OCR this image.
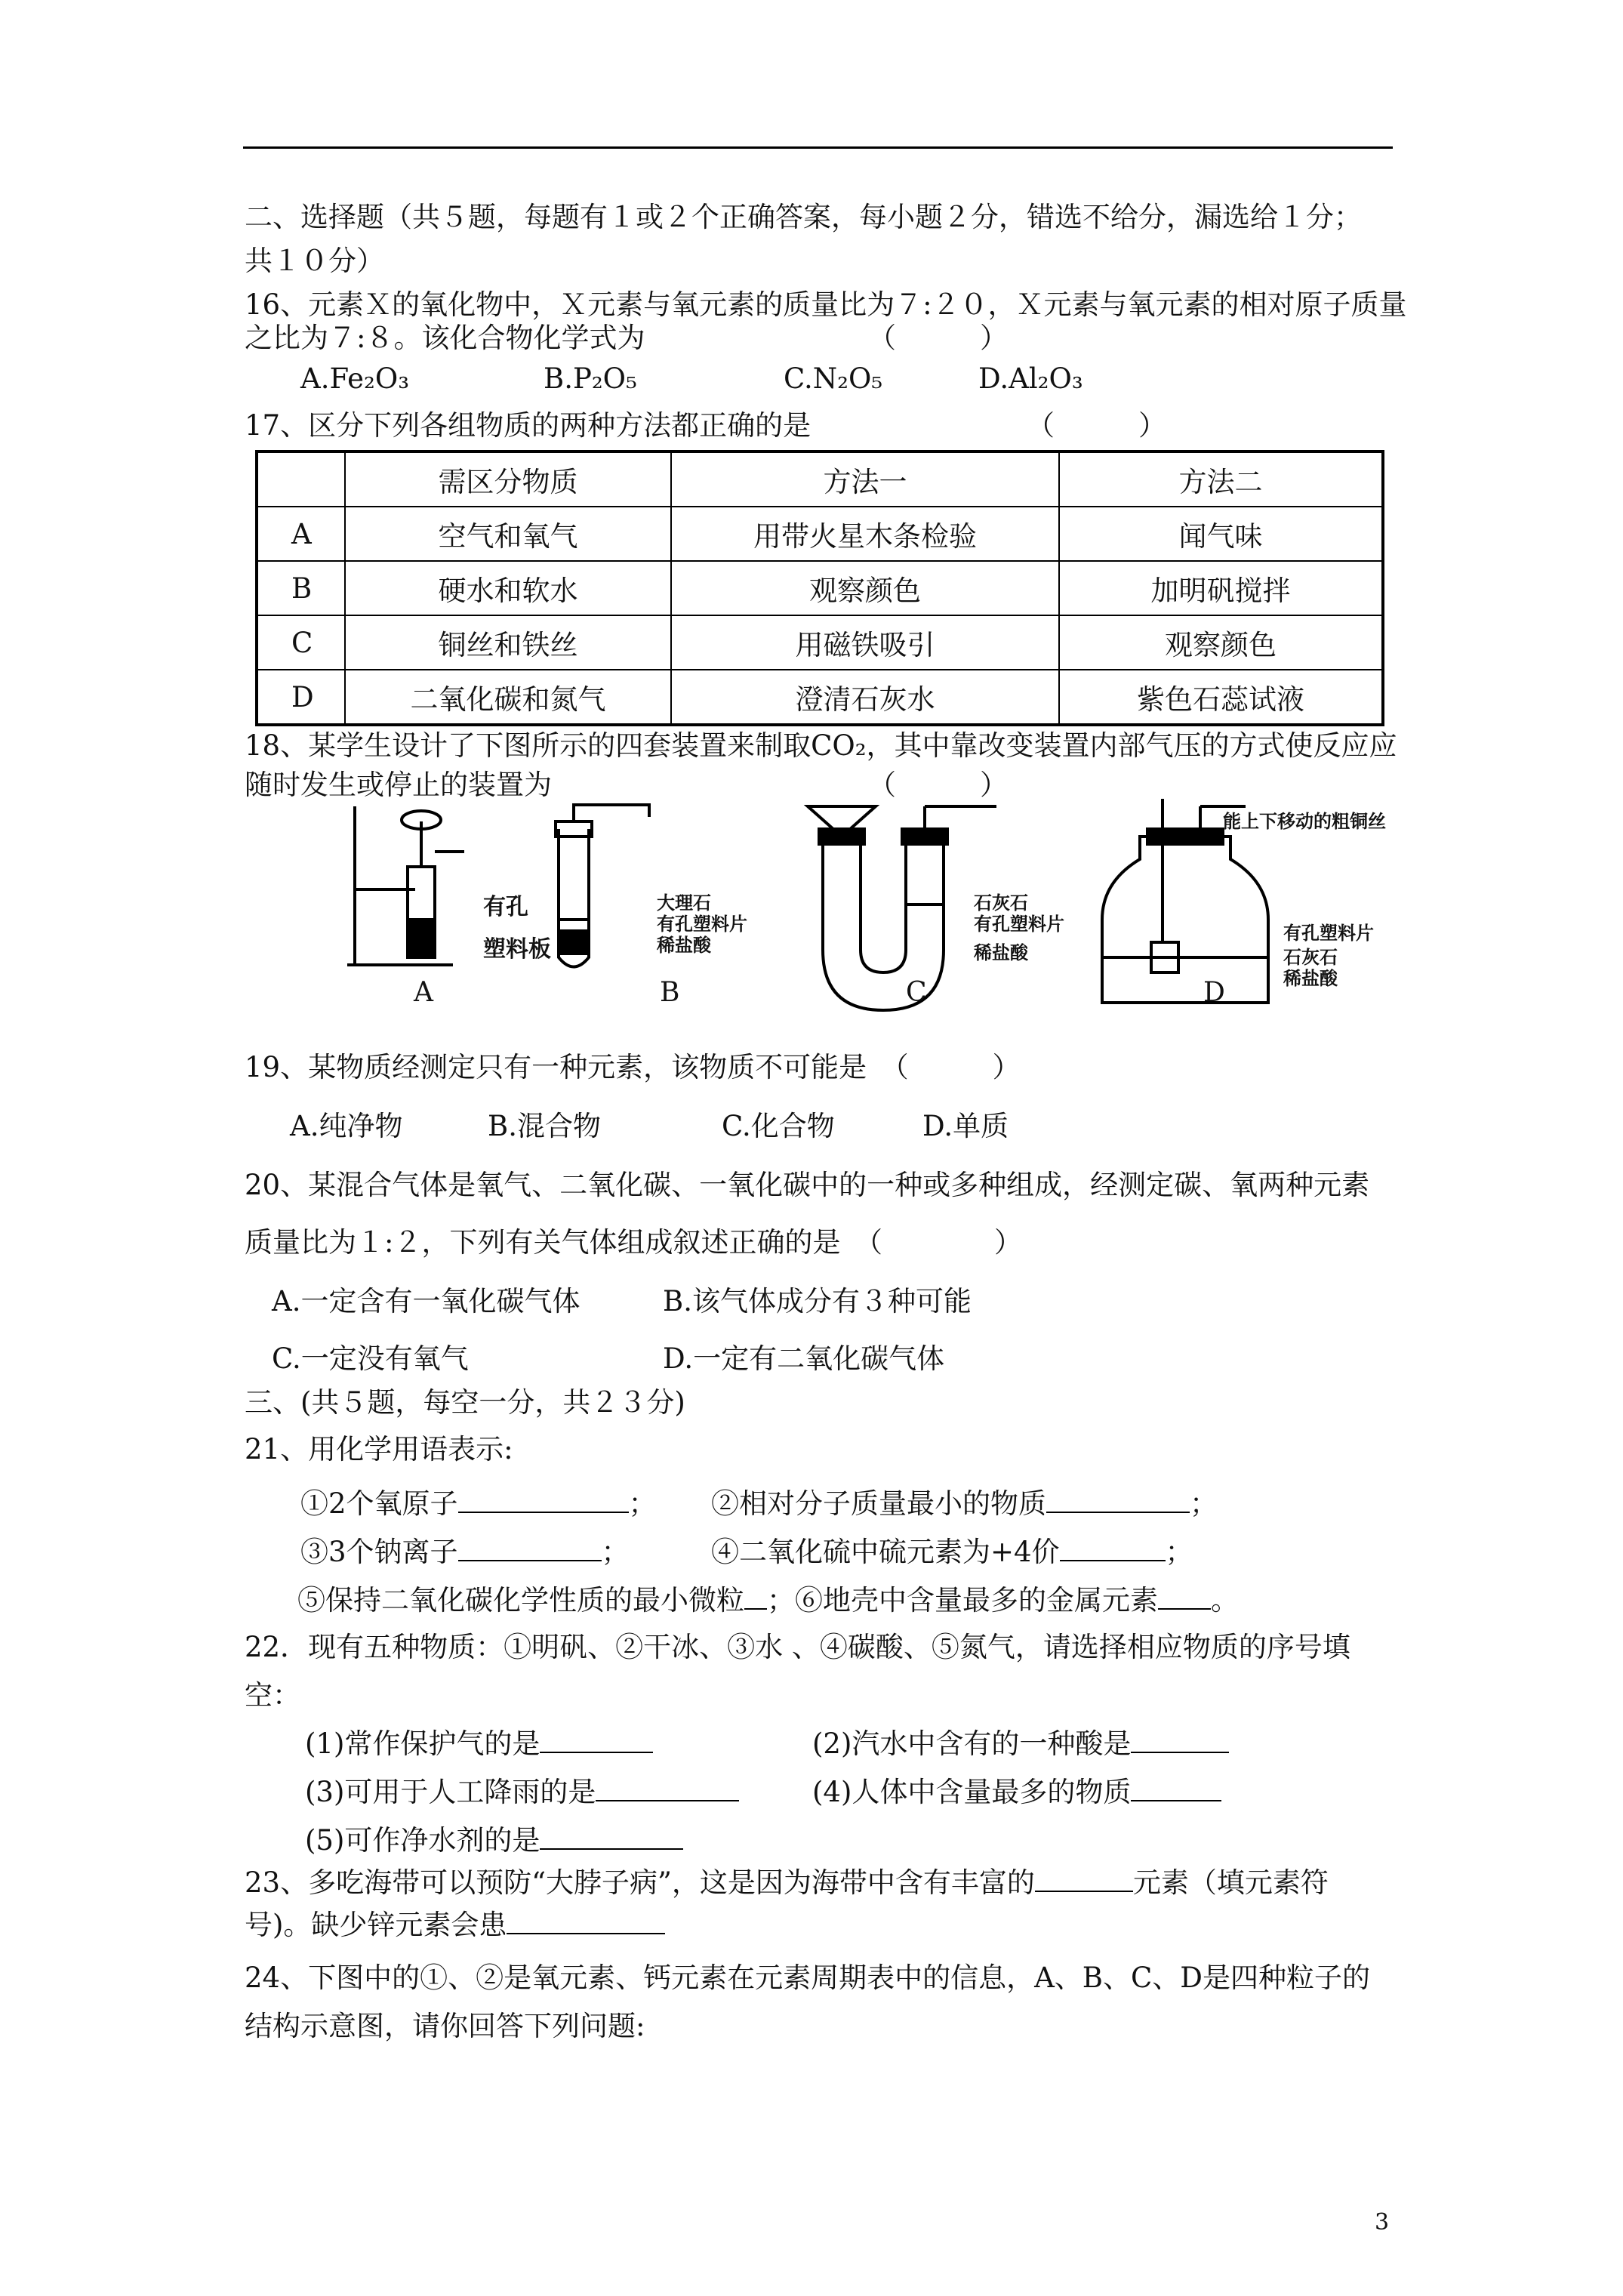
二、选择题（共５题，每题有１或２个正确答案，每小题２分，错选不给分，漏选给１分；
共１０分）
16、元素Ｘ的氧化物中，Ｘ元素与氧元素的质量比为７:２０，Ｘ元素与氧元素的相对原子质量
之比为７:８。该化合物化学式为	（　　　）
A.Fe₂O₃	B.P₂O₅	C.N₂O₅	D.Al₂O₃
17、区分下列各组物质的两种方法都正确的是	（　　　）
	需区分物质	方法一	方法二
A	空气和氧气	用带火星木条检验	闻气味
B	硬水和软水	观察颜色	加明矾搅拌
C	铜丝和铁丝	用磁铁吸引	观察颜色
D	二氧化碳和氮气	澄清石灰水	紫色石蕊试液
18、某学生设计了下图所示的四套装置来制取CO₂，其中靠改变装置内部气压的方式使反应应
随时发生或停止的装置为	（　　　）
有孔
塑料板
大理石
有孔塑料片
稀盐酸
石灰石
有孔塑料片
稀盐酸
能上下移动的粗铜丝
有孔塑料片
石灰石
稀盐酸
A	B	C	D
19、某物质经测定只有一种元素，该物质不可能是　（　　　）
A.纯净物	B.混合物	C.化合物	D.单质
20、某混合气体是氧气、二氧化碳、一氧化碳中的一种或多种组成，经测定碳、氧两种元素
质量比为１:２，下列有关气体组成叙述正确的是　（　　　　）
A.一定含有一氧化碳气体	B.该气体成分有３种可能
C.一定没有氧气	D.一定有二氧化碳气体
三、(共５题，每空一分，共２３分)
21、用化学用语表示:
①2个氧原子	； ②相对分子质量最小的物质	；
③3个钠离子	；	④二氧化硫中硫元素为+4价	；
⑤保持二氧化碳化学性质的最小微粒 ；⑥地壳中含量最多的金属元素 。
22．现有五种物质：①明矾、②干冰、③水 、④碳酸、⑤氮气，请选择相应物质的序号填
空：
(1)常作保护气的是	(2)汽水中含有的一种酸是
(3)可用于人工降雨的是	(4)人体中含量最多的物质
(5)可作净水剂的是
23、多吃海带可以预防“大脖子病”，这是因为海带中含有丰富的	元素（填元素符
号)。缺少锌元素会患
24、下图中的①、②是氧元素、钙元素在元素周期表中的信息，A、B、C、D是四种粒子的
结构示意图，请你回答下列问题:
3
